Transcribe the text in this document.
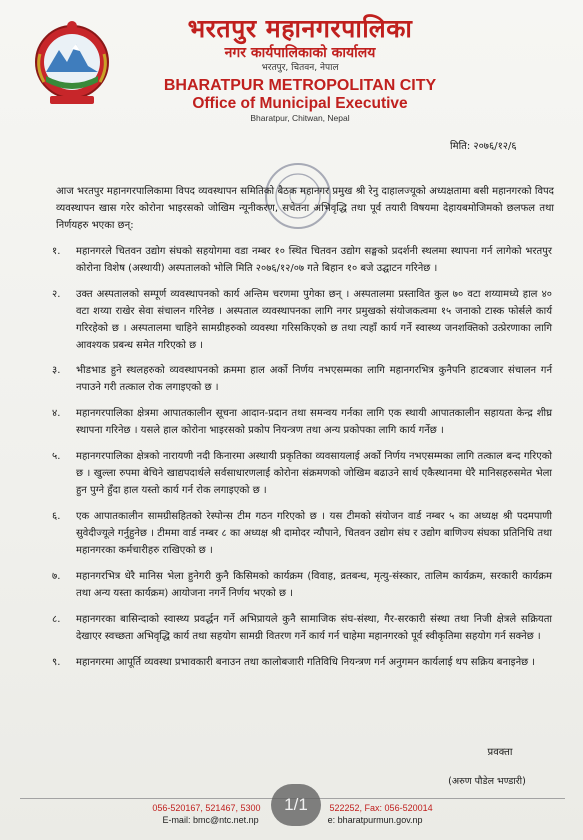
भरतपुर महानगरपालिका
नगर कार्यपालिकाको कार्यालय
भरतपुर, चितवन, नेपाल
BHARATPUR METROPOLITAN CITY
Office of Municipal Executive
Bharatpur, Chitwan, Nepal
मिति: २०७६/१२/६

आज भरतपुर महानगरपालिकामा विपद व्यवस्थापन समितिको बैठक महानगर प्रमुख श्री रेनु दाहालज्यूको अध्यक्षतामा बसी महानगरको विपद व्यवस्थापन खास गरेर कोरोना भाइरसको जोखिम न्यूनीकरण, सचेतना अभिवृद्धि तथा पूर्व तयारी विषयमा देहायबमोजिमको छलफल तथा निर्णयहरु भएका छन्:

१.	महानगरले चितवन उद्योग संघको सहयोगमा वडा नम्बर १० स्थित चितवन उद्योग सङ्घको प्रदर्शनी स्थलमा स्थापना गर्न लागेको भरतपुर कोरोना विशेष (अस्थायी) अस्पतालको भोलि मिति २०७६/१२/०७ गते बिहान १० बजे उद्घाटन गरिनेछ ।
२.	उक्त अस्पतालको सम्पूर्ण व्यवस्थापनको कार्य अन्तिम चरणमा पुगेका छन् । अस्पतालमा प्रस्तावित कुल ७० वटा शय्यामध्ये हाल ४० वटा शय्या राखेर सेवा संचालन गरिनेछ । अस्पताल व्यवस्थापनका लागि नगर प्रमुखको संयोजकत्वमा १५ जनाको टास्क फोर्सले कार्य गरिरहेको छ । अस्पतालमा चाहिने सामग्रीहरुको व्यवस्था गरिसकिएको छ तथा त्यहाँ कार्य गर्ने स्वास्थ्य जनशक्तिको उत्प्रेरणाका लागि आवश्यक प्रबन्ध समेत गरिएको छ ।
३.	भीडभाड हुने स्थलहरुको व्यवस्थापनको क्रममा हाल अर्को निर्णय नभएसम्मका लागि महानगरभित्र कुनैपनि हाटबजार संचालन गर्न नपाउने गरी तत्काल रोक लगाइएको छ ।
४.	महानगरपालिका क्षेत्रमा आपातकालीन सूचना आदान-प्रदान तथा समन्वय गर्नका लागि एक स्थायी आपातकालीन सहायता केन्द्र शीघ्र स्थापना गरिनेछ । यसले हाल कोरोना भाइरसको प्रकोप नियन्त्रण तथा अन्य प्रकोपका लागि कार्य गर्नेछ ।
५.	महानगरपालिका क्षेत्रको नारायणी नदी किनारमा अस्थायी प्रकृतिका व्यवसायलाई अर्को निर्णय नभएसम्मका लागि तत्काल बन्द गरिएको छ । खुल्ला रुपमा बेचिने खाद्यपदार्थले सर्वसाधारणलाई कोरोना संक्रमणको जोखिम बढाउने सार्थ एकैस्थानमा धेरै मानिसहरुसमेत भेला हुन पुग्ने हुँदा हाल यस्तो कार्य गर्न रोक लगाइएको छ ।
६.	एक आपातकालीन सामग्रीसहितको रेस्पोन्स टीम गठन गरिएको छ । यस टीमको संयोजन वार्ड नम्बर ५ का अध्यक्ष श्री पदमपाणी सुवेदीज्यूले गर्नुहुनेछ । टीममा वार्ड नम्बर ८ का अध्यक्ष श्री दामोदर न्यौपाने, चितवन उद्योग संघ र उद्योग बाणिज्य संघका प्रतिनिधि तथा महानगरका कर्मचारीहरु राखिएको छ ।
७.	महानगरभित्र धेरै मानिस भेला हुनेगरी कुनै किसिमको कार्यक्रम (विवाह, व्रतबन्ध, मृत्यु-संस्कार, तालिम कार्यक्रम, सरकारी कार्यक्रम तथा अन्य यस्ता कार्यक्रम) आयोजना नगर्ने निर्णय भएको छ ।
८.	महानगरका बासिन्दाको स्वास्थ्य प्रवर्द्धन गर्ने अभिप्रायले कुनै सामाजिक संघ-संस्था, गैर-सरकारी संस्था तथा निजी क्षेत्रले सक्रियता देखाएर स्वच्छता अभिवृद्धि कार्य तथा सहयोग सामग्री वितरण गर्ने कार्य गर्न चाहेमा महानगरको पूर्व स्वीकृतिमा सहयोग गर्न सक्नेछ ।
९.	महानगरमा आपूर्ति व्यवस्था प्रभावकारी बनाउन तथा कालोबजारी गतिविधि नियन्त्रण गर्न अनुगमन कार्यलाई थप सक्रिय बनाइनेछ ।
प्रवक्ता
(अरुण पौडेल भण्डारी)
056-520167, 521467, 5300	522252, Fax: 056-520014
E-mail: bmc@ntc.net.np	e: bharatpurmun.gov.np
1/1
